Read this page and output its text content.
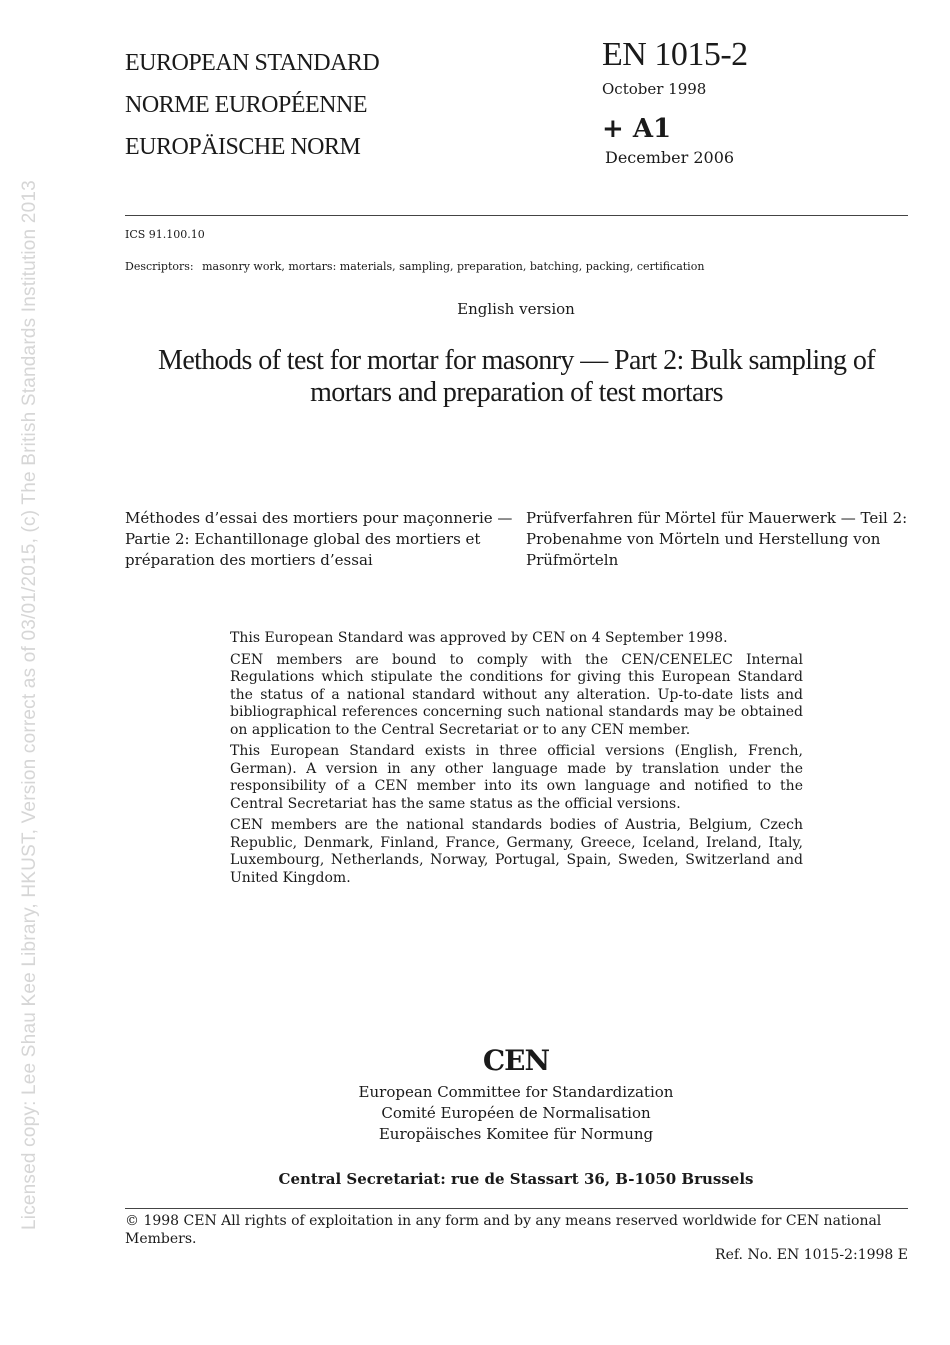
EUROPEAN STANDARD
NORME EUROPÉENNE
EUROPÄISCHE NORM
EN 1015-2
October 1998
+ A1
December 2006
ICS 91.100.10
Descriptors: masonry work, mortars: materials, sampling, preparation, batching, packing, certification
English version
Methods of test for mortar for masonry — Part 2: Bulk sampling of mortars and preparation of test mortars
Méthodes d’essai des mortiers pour maçonnerie — Partie 2: Echantillonage global des mortiers et préparation des mortiers d’essai
Prüfverfahren für Mörtel für Mauerwerk — Teil 2: Probenahme von Mörteln und Herstellung von Prüfmörteln

This European Standard was approved by CEN on 4 September 1998.

CEN members are bound to comply with the CEN/CENELEC Internal Regulations which stipulate the conditions for giving this European Standard the status of a national standard without any alteration. Up-to-date lists and bibliographical references concerning such national standards may be obtained on application to the Central Secretariat or to any CEN member.

This European Standard exists in three official versions (English, French, German). A version in any other language made by translation under the responsibility of a CEN member into its own language and notified to the Central Secretariat has the same status as the official versions.

CEN members are the national standards bodies of Austria, Belgium, Czech Republic, Denmark, Finland, France, Germany, Greece, Iceland, Ireland, Italy, Luxembourg, Netherlands, Norway, Portugal, Spain, Sweden, Switzerland and United Kingdom.

CEN
European Committee for Standardization
Comité Européen de Normalisation
Europäisches Komitee für Normung
Central Secretariat: rue de Stassart 36, B-1050 Brussels
© 1998 CEN All rights of exploitation in any form and by any means reserved worldwide for CEN national Members.
Ref. No. EN 1015-2:1998 E
Licensed copy: Lee Shau Kee Library, HKUST, Version correct as of 03/01/2015, (c) The British Standards Institution 2013
